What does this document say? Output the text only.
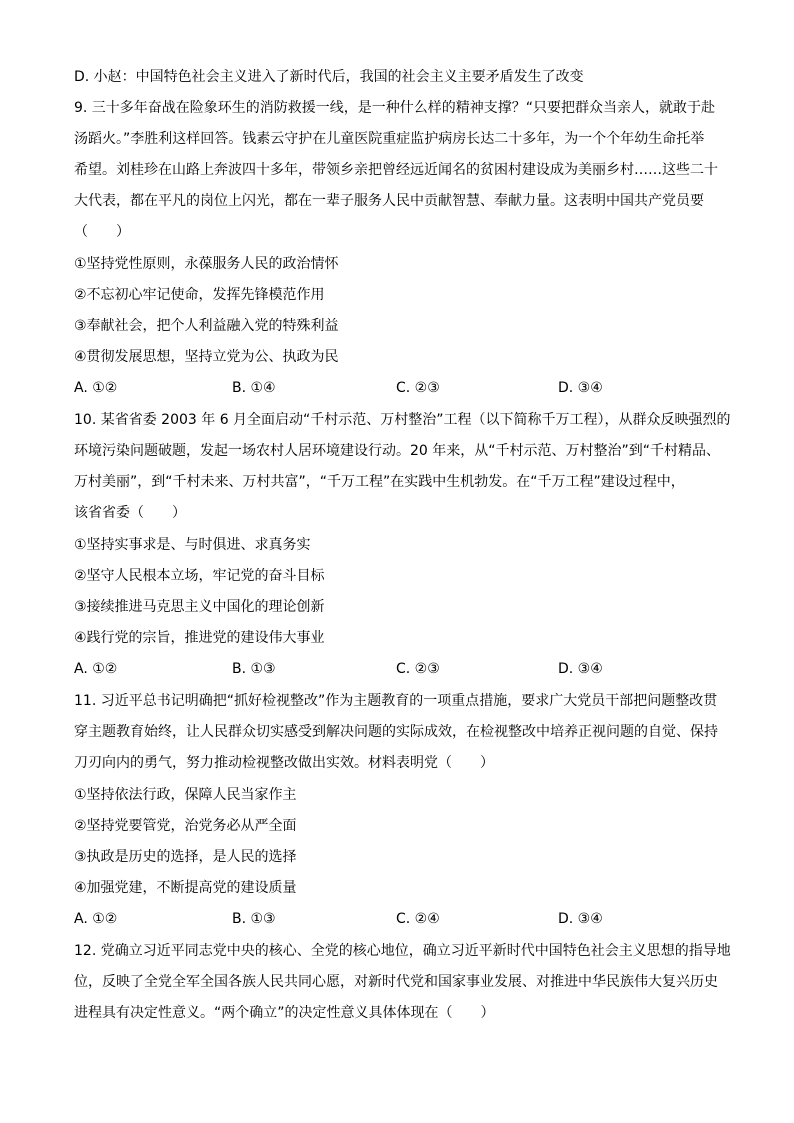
D. 小赵：中国特色社会主义进入了新时代后，我国的社会主义主要矛盾发生了改变
9. 三十多年奋战在险象环生的消防救援一线，是一种什么样的精神支撑？“只要把群众当亲人，就敢于赴
汤蹈火。”李胜利这样回答。钱素云守护在儿童医院重症监护病房长达二十多年，为一个个年幼生命托举
希望。刘桂珍在山路上奔波四十多年，带领乡亲把曾经远近闻名的贫困村建设成为美丽乡村……这些二十
大代表，都在平凡的岗位上闪光，都在一辈子服务人民中贡献智慧、奉献力量。这表明中国共产党员要
（　　）
①坚持党性原则，永葆服务人民的政治情怀
②不忘初心牢记使命，发挥先锋模范作用
③奉献社会，把个人利益融入党的特殊利益
④贯彻发展思想，坚持立党为公、执政为民
A. ①②	B. ①④	C. ②③	D. ③④
10. 某省省委 2003 年 6 月全面启动“千村示范、万村整治”工程（以下简称千万工程），从群众反映强烈的
环境污染问题破题，发起一场农村人居环境建设行动。20 年来，从“千村示范、万村整治”到“千村精品、
万村美丽”，到“千村未来、万村共富”，“千万工程”在实践中生机勃发。在“千万工程”建设过程中，
该省省委（　　）
①坚持实事求是、与时俱进、求真务实
②坚守人民根本立场，牢记党的奋斗目标
③接续推进马克思主义中国化的理论创新
④践行党的宗旨，推进党的建设伟大事业
A. ①②	B. ①③	C. ②③	D. ③④
11. 习近平总书记明确把“抓好检视整改”作为主题教育的一项重点措施，要求广大党员干部把问题整改贯
穿主题教育始终，让人民群众切实感受到解决问题的实际成效，在检视整改中培养正视问题的自觉、保持
刀刃向内的勇气，努力推动检视整改做出实效。材料表明党（　　）
①坚持依法行政，保障人民当家作主
②坚持党要管党，治党务必从严全面
③执政是历史的选择，是人民的选择
④加强党建，不断提高党的建设质量
A. ①②	B. ①③	C. ②④	D. ③④
12. 党确立习近平同志党中央的核心、全党的核心地位，确立习近平新时代中国特色社会主义思想的指导地
位，反映了全党全军全国各族人民共同心愿，对新时代党和国家事业发展、对推进中华民族伟大复兴历史
进程具有决定性意义。“两个确立”的决定性意义具体体现在（　　）
